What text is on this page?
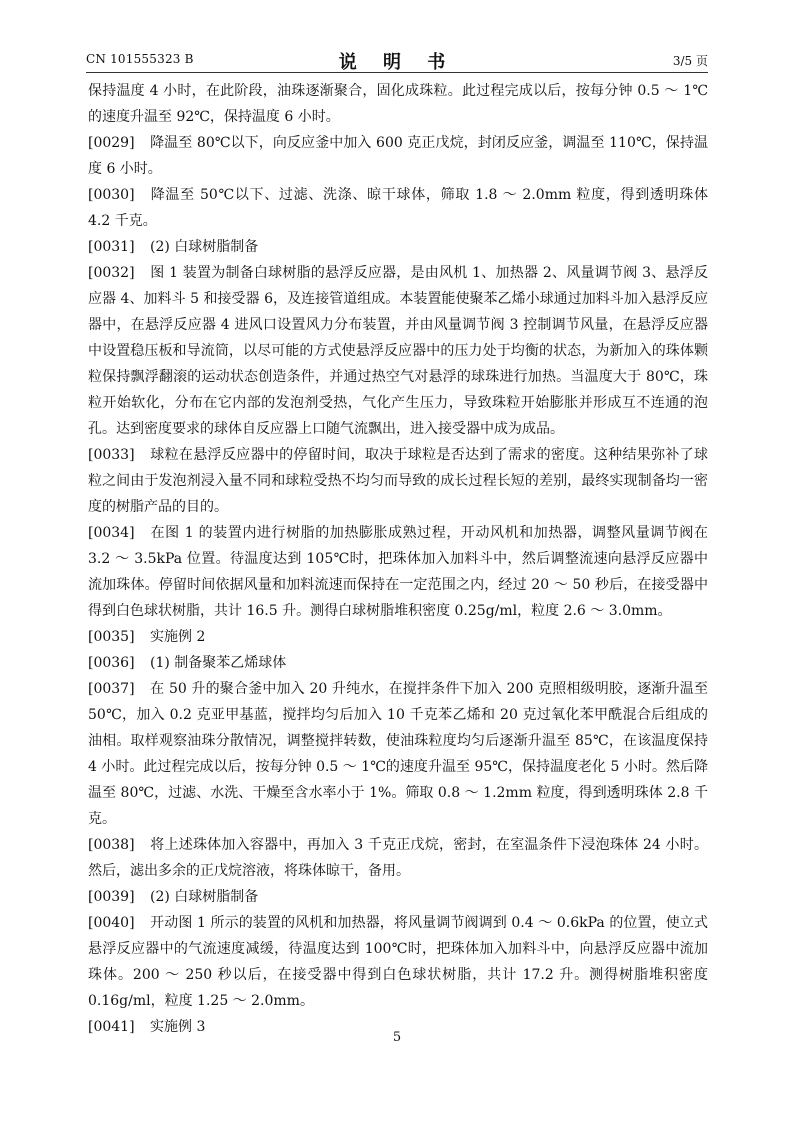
CN 101555323 B	说 明 书	3/5 页

保持温度 4 小时，在此阶段，油珠逐渐聚合，固化成珠粒。此过程完成以后，按每分钟 0.5 ～ 1℃的速度升温至 92℃，保持温度 6 小时。

[0029] 降温至 80℃以下，向反应釜中加入 600 克正戊烷，封闭反应釜，调温至 110℃，保持温度 6 小时。

[0030] 降温至 50℃以下、过滤、洗涤、晾干球体，筛取 1.8 ～ 2.0mm 粒度，得到透明珠体 4.2 千克。

[0031] (2) 白球树脂制备

[0032] 图 1 装置为制备白球树脂的悬浮反应器，是由风机 1、加热器 2、风量调节阀 3、悬浮反应器 4、加料斗 5 和接受器 6，及连接管道组成。本装置能使聚苯乙烯小球通过加料斗加入悬浮反应器中，在悬浮反应器 4 进风口设置风力分布装置，并由风量调节阀 3 控制调节风量，在悬浮反应器中设置稳压板和导流筒，以尽可能的方式使悬浮反应器中的压力处于均衡的状态，为新加入的珠体颗粒保持飘浮翻滚的运动状态创造条件，并通过热空气对悬浮的球珠进行加热。当温度大于 80℃，珠粒开始软化，分布在它内部的发泡剂受热，气化产生压力，导致珠粒开始膨胀并形成互不连通的泡孔。达到密度要求的球体自反应器上口随气流飘出，进入接受器中成为成品。

[0033] 球粒在悬浮反应器中的停留时间，取决于球粒是否达到了需求的密度。这种结果弥补了球粒之间由于发泡剂浸入量不同和球粒受热不均匀而导致的成长过程长短的差别，最终实现制备均一密度的树脂产品的目的。

[0034] 在图 1 的装置内进行树脂的加热膨胀成熟过程，开动风机和加热器，调整风量调节阀在 3.2 ～ 3.5kPa 位置。待温度达到 105℃时，把珠体加入加料斗中，然后调整流速向悬浮反应器中流加珠体。停留时间依据风量和加料流速而保持在一定范围之内，经过 20 ～ 50 秒后，在接受器中得到白色球状树脂，共计 16.5 升。测得白球树脂堆积密度 0.25g/ml，粒度 2.6 ～ 3.0mm。

[0035] 实施例 2

[0036] (1) 制备聚苯乙烯球体

[0037] 在 50 升的聚合釜中加入 20 升纯水，在搅拌条件下加入 200 克照相级明胶，逐渐升温至 50℃，加入 0.2 克亚甲基蓝，搅拌均匀后加入 10 千克苯乙烯和 20 克过氧化苯甲酰混合后组成的油相。取样观察油珠分散情况，调整搅拌转数，使油珠粒度均匀后逐渐升温至 85℃，在该温度保持 4 小时。此过程完成以后，按每分钟 0.5 ～ 1℃的速度升温至 95℃，保持温度老化 5 小时。然后降温至 80℃，过滤、水洗、干燥至含水率小于 1%。筛取 0.8 ～ 1.2mm 粒度，得到透明珠体 2.8 千克。

[0038] 将上述珠体加入容器中，再加入 3 千克正戊烷，密封，在室温条件下浸泡珠体 24 小时。然后，滤出多余的正戊烷溶液，将珠体晾干，备用。

[0039] (2) 白球树脂制备

[0040] 开动图 1 所示的装置的风机和加热器，将风量调节阀调到 0.4 ～ 0.6kPa 的位置，使立式悬浮反应器中的气流速度减缓，待温度达到 100℃时，把珠体加入加料斗中，向悬浮反应器中流加珠体。200 ～ 250 秒以后，在接受器中得到白色球状树脂，共计 17.2 升。测得树脂堆积密度 0.16g/ml，粒度 1.25 ～ 2.0mm。

[0041] 实施例 3

5
